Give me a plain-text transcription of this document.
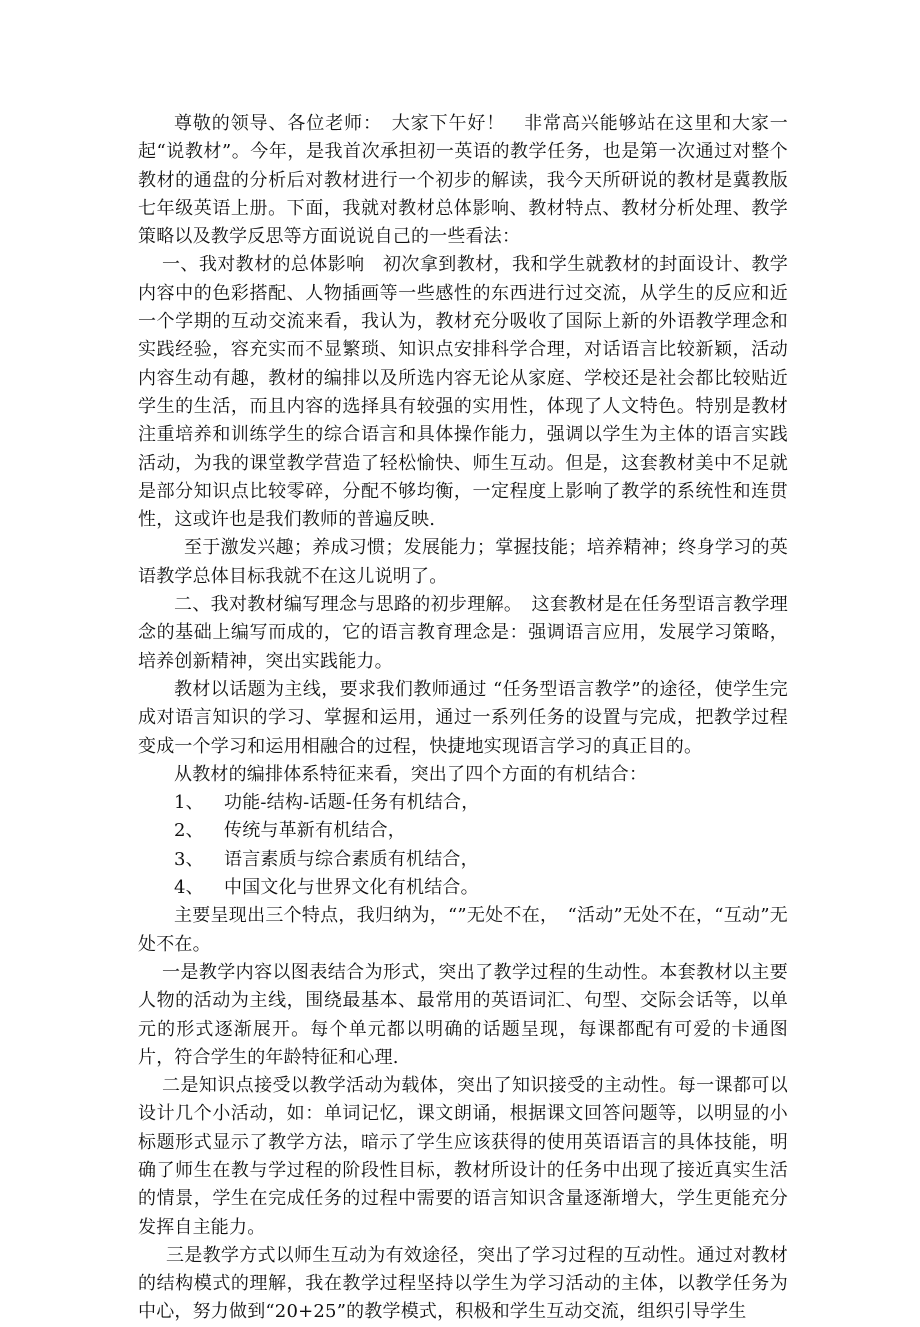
尊敬的领导、各位老师：　大家下午好！　非常高兴能够站在这里和大家一起“说教材”。今年，是我首次承担初一英语的教学任务，也是第一次通过对整个教材的通盘的分析后对教材进行一个初步的解读，我今天所研说的教材是冀教版七年级英语上册。下面，我就对教材总体影响、教材特点、教材分析处理、教学策略以及教学反思等方面说说自己的一些看法：

一、我对教材的总体影响　初次拿到教材，我和学生就教材的封面设计、教学内容中的色彩搭配、人物插画等一些感性的东西进行过交流，从学生的反应和近一个学期的互动交流来看，我认为，教材充分吸收了国际上新的外语教学理念和实践经验，容充实而不显繁琐、知识点安排科学合理，对话语言比较新颖，活动内容生动有趣，教材的编排以及所选内容无论从家庭、学校还是社会都比较贴近学生的生活，而且内容的选择具有较强的实用性，体现了人文特色。特别是教材注重培养和训练学生的综合语言和具体操作能力，强调以学生为主体的语言实践活动，为我的课堂教学营造了轻松愉快、师生互动。但是，这套教材美中不足就是部分知识点比较零碎，分配不够均衡，一定程度上影响了教学的系统性和连贯性，这或许也是我们教师的普遍反映.

至于激发兴趣；养成习惯；发展能力；掌握技能；培养精神；终身学习的英语教学总体目标我就不在这儿说明了。

二、我对教材编写理念与思路的初步理解。　这套教材是在任务型语言教学理念的基础上编写而成的，它的语言教育理念是：强调语言应用，发展学习策略，培养创新精神，突出实践能力。

教材以话题为主线，要求我们教师通过 “任务型语言教学”的途径，使学生完成对语言知识的学习、掌握和运用，通过一系列任务的设置与完成，把教学过程变成一个学习和运用相融合的过程，快捷地实现语言学习的真正目的。

从教材的编排体系特征来看，突出了四个方面的有机结合：

1、	功能-结构-话题-任务有机结合，
2、	传统与革新有机结合，
3、	语言素质与综合素质有机结合，
4、	中国文化与世界文化有机结合。

主要呈现出三个特点，我归纳为，“”无处不在，　“活动”无处不在，“互动”无处不在。

一是教学内容以图表结合为形式，突出了教学过程的生动性。本套教材以主要人物的活动为主线，围绕最基本、最常用的英语词汇、句型、交际会话等，以单元的形式逐渐展开。每个单元都以明确的话题呈现，每课都配有可爱的卡通图片，符合学生的年龄特征和心理.

二是知识点接受以教学活动为载体，突出了知识接受的主动性。每一课都可以设计几个小活动，如：单词记忆，课文朗诵，根据课文回答问题等，以明显的小标题形式显示了教学方法，暗示了学生应该获得的使用英语语言的具体技能，明确了师生在教与学过程的阶段性目标，教材所设计的任务中出现了接近真实生活的情景，学生在完成任务的过程中需要的语言知识含量逐渐增大，学生更能充分发挥自主能力。

三是教学方式以师生互动为有效途径，突出了学习过程的互动性。通过对教材的结构模式的理解，我在教学过程坚持以学生为学习活动的主体，以教学任务为中心，努力做到“20+25”的教学模式，积极和学生互动交流，组织引导学生
